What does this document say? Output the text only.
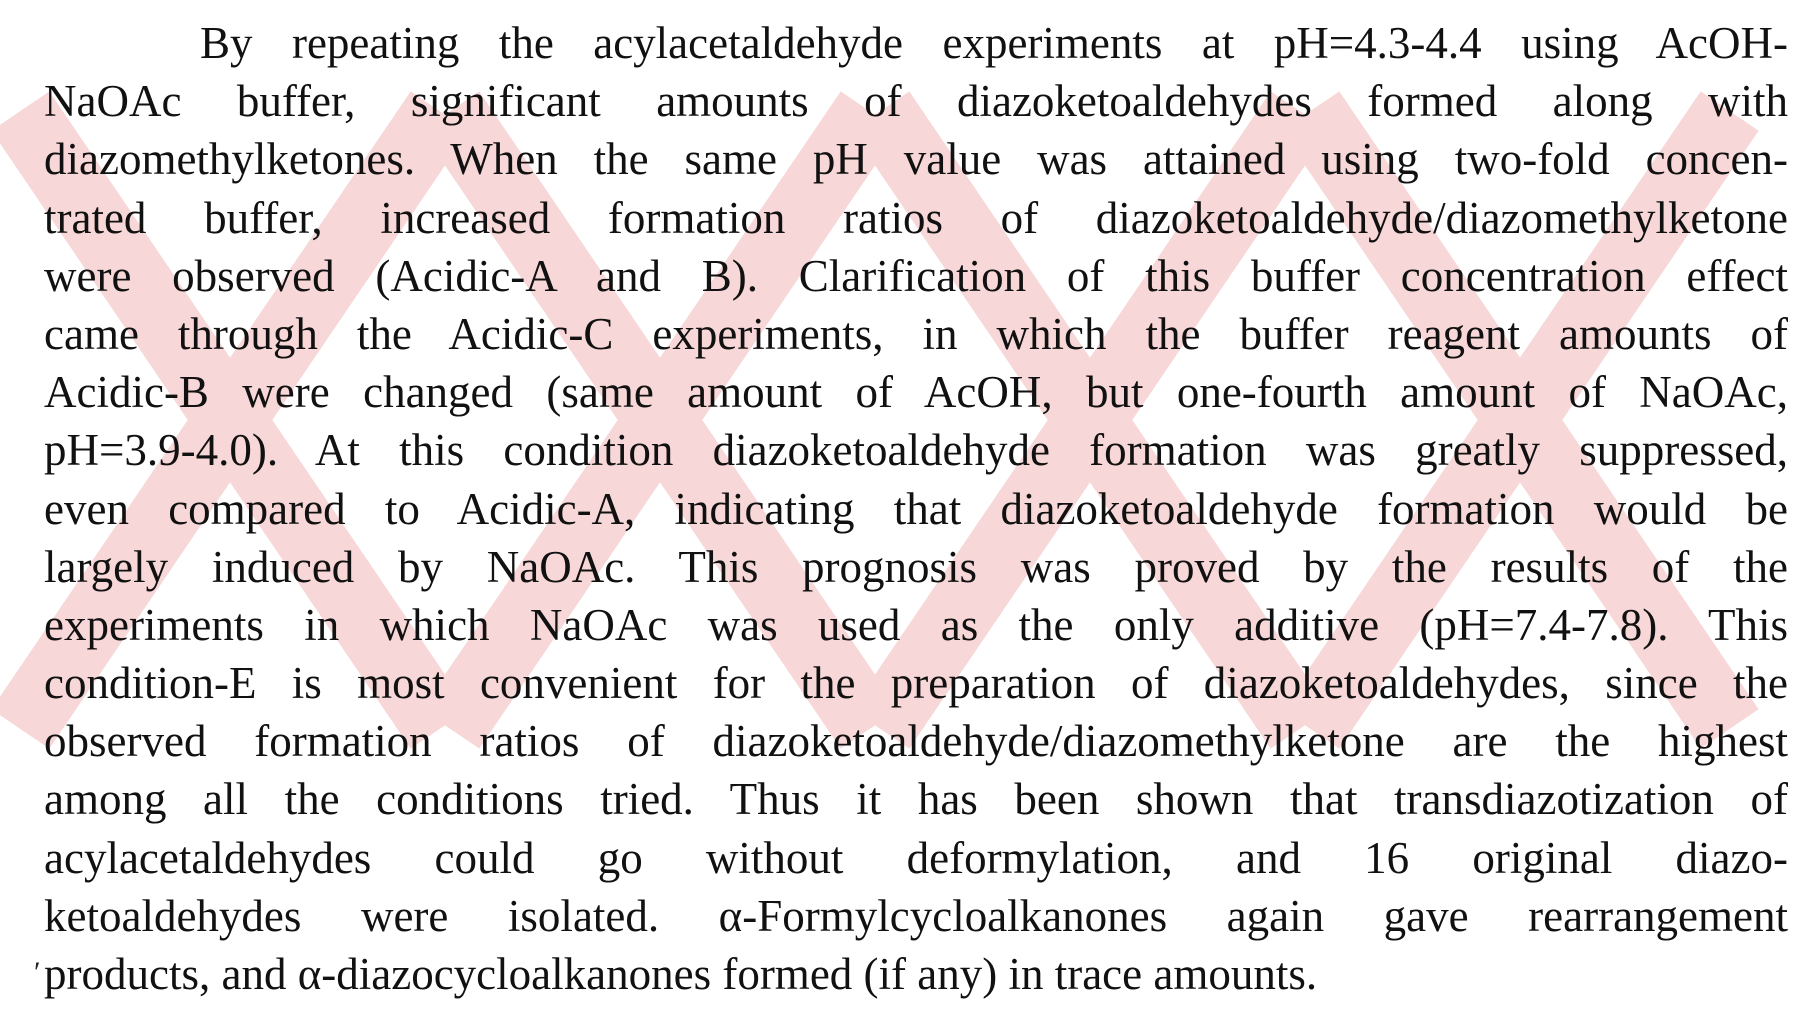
By repeating the acylacetaldehyde experiments at pH=4.3-4.4 using AcOH-
NaOAc buffer, significant amounts of diazoketoaldehydes formed along with
diazomethylketones. When the same pH value was attained using two-fold concen-
trated buffer, increased formation ratios of diazoketoaldehyde/diazomethylketone
were observed (Acidic-A and B). Clarification of this buffer concentration effect
came through the Acidic-C experiments, in which the buffer reagent amounts of
Acidic-B were changed (same amount of AcOH, but one-fourth amount of NaOAc,
pH=3.9-4.0). At this condition diazoketoaldehyde formation was greatly suppressed,
even compared to Acidic-A, indicating that diazoketoaldehyde formation would be
largely induced by NaOAc. This prognosis was proved by the results of the
experiments in which NaOAc was used as the only additive (pH=7.4-7.8). This
condition-E is most convenient for the preparation of diazoketoaldehydes, since the
observed formation ratios of diazoketoaldehyde/diazomethylketone are the highest
among all the conditions tried. Thus it has been shown that transdiazotization of
acylacetaldehydes could go without deformylation, and 16 original diazo-
ketoaldehydes were isolated. α-Formylcycloalkanones again gave rearrangement
products, and α-diazocycloalkanones formed (if any) in trace amounts.
′
